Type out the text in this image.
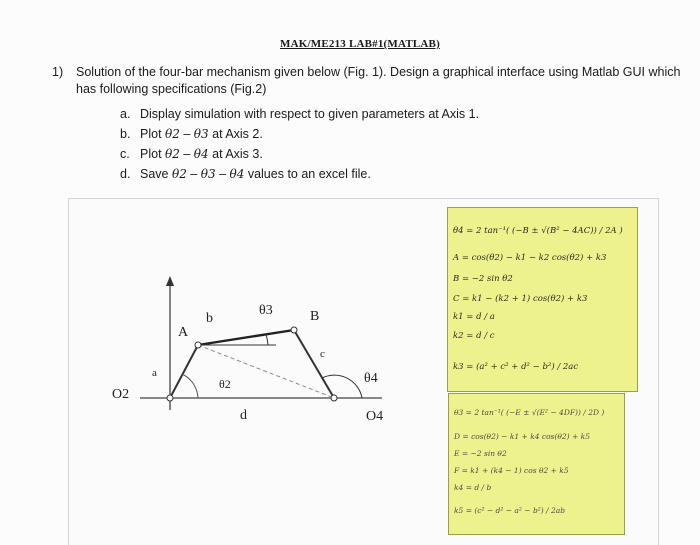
MAK/ME213 LAB#1(MATLAB)
1) Solution of the four-bar mechanism given below (Fig. 1). Design a graphical interface using Matlab GUI which has following specifications (Fig.2)
a. Display simulation with respect to given parameters at Axis 1.
b. Plot θ2 – θ3 at Axis 2.
c. Plot θ2 – θ4 at Axis 3.
d. Save θ2 – θ3 – θ4 values to an excel file.
O2
A
b
θ3	B
a
c
θ2	θ4
d	O4
θ4 = 2 tan⁻¹( (−B ± √(B² − 4AC)) / 2A )
A = cos(θ2) − k1 − k2 cos(θ2) + k3
B = −2 sin θ2
C = k1 − (k2 + 1) cos(θ2) + k3
k1 = d / a
k2 = d / c
k3 = (a² + c² + d² − b²) / 2ac
θ3 = 2 tan⁻¹( (−E ± √(E² − 4DF)) / 2D )
D = cos(θ2) − k1 + k4 cos(θ2) + k5
E = −2 sin θ2
F = k1 + (k4 − 1) cos θ2 + k5
k4 = d / b
k5 = (c² − d² − a² − b²) / 2ab
